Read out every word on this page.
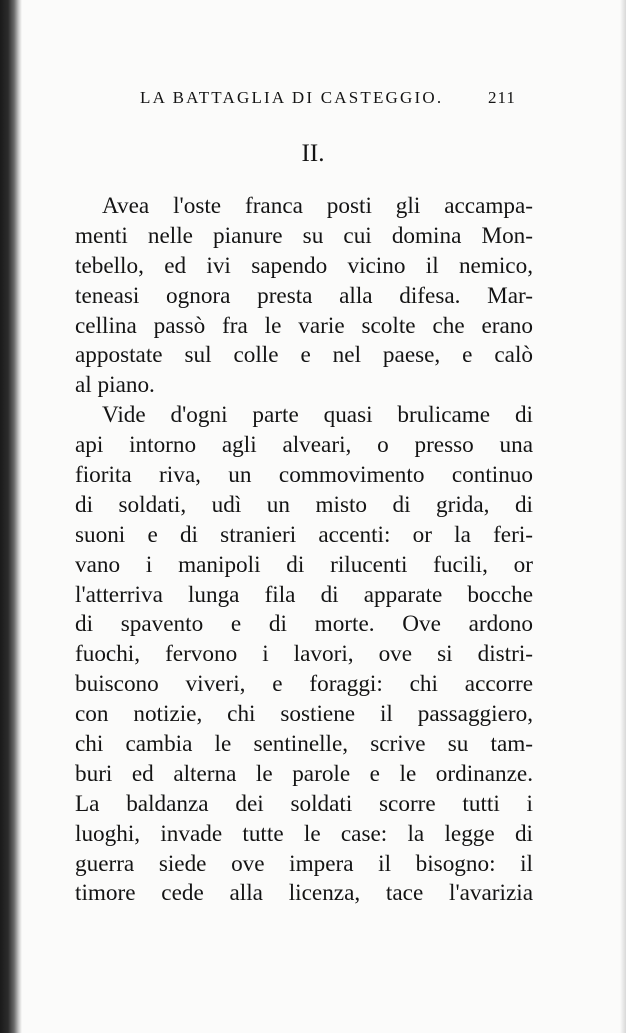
LA BATTAGLIA DI CASTEGGIO.	211
II.
Avea l'oste franca posti gli accampa-
menti nelle pianure su cui domina Mon-
tebello, ed ivi sapendo vicino il nemico,
teneasi ognora presta alla difesa. Mar-
cellina passò fra le varie scolte che erano
appostate sul colle e nel paese, e calò
al piano.
Vide d'ogni parte quasi brulicame di
api intorno agli alveari, o presso una
fiorita riva, un commovimento continuo
di soldati, udì un misto di grida, di
suoni e di stranieri accenti: or la feri-
vano i manipoli di rilucenti fucili, or
l'atterriva lunga fila di apparate bocche
di spavento e di morte. Ove ardono
fuochi, fervono i lavori, ove si distri-
buiscono viveri, e foraggi: chi accorre
con notizie, chi sostiene il passaggiero,
chi cambia le sentinelle, scrive su tam-
buri ed alterna le parole e le ordinanze.
La baldanza dei soldati scorre tutti i
luoghi, invade tutte le case: la legge di
guerra siede ove impera il bisogno: il
timore cede alla licenza, tace l'avarizia
